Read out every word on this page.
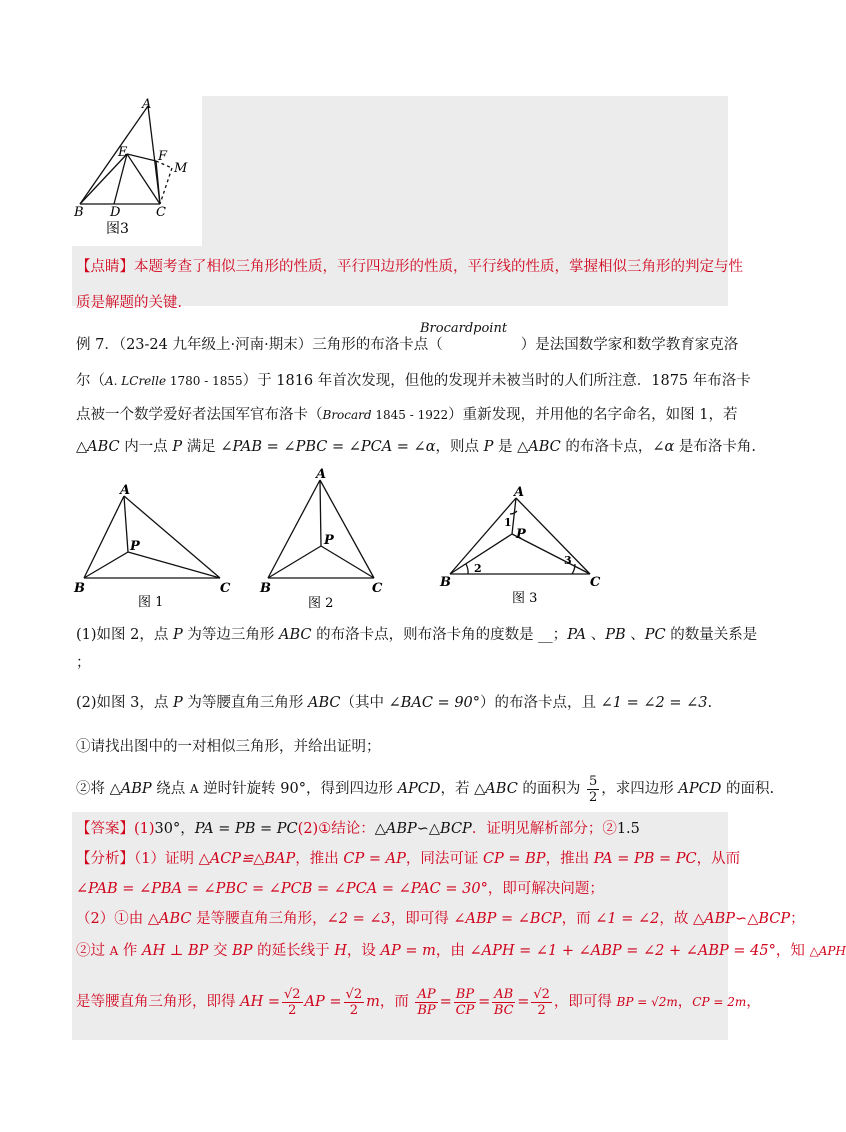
A
E F
M
B D	C
图3
【点睛】本题考查了相似三角形的性质，平行四边形的性质，平行线的性质，掌握相似三角形的判定与性
质是解题的关键．
Brocardpoint
例 7．（23-24 九年级上·河南·期末）三角形的布洛卡点（	）是法国数学家和数学教育家克洛
尔（A. LCrelle 1780 - 1855）于 1816 年首次发现，但他的发现并未被当时的人们所注意．1875 年布洛卡
点被一个数学爱好者法国军官布洛卡（Brocard 1845 - 1922）重新发现，并用他的名字命名，如图 1，若
△ABC 内一点 P 满足 ∠PAB = ∠PBC = ∠PCA = ∠α，则点 P 是 △ABC 的布洛卡点，∠α 是布洛卡角.
A
P
B	C
图 1
A
P
B	C
图 2
A
P
B	C
1
2
3
图 3
(1)如图 2，点 P 为等边三角形 ABC 的布洛卡点，则布洛卡角的度数是 __；PA 、PB 、PC 的数量关系是
；
(2)如图 3，点 P 为等腰直角三角形 ABC（其中 ∠BAC = 90°）的布洛卡点，且 ∠1 = ∠2 = ∠3.
①请找出图中的一对相似三角形，并给出证明；
②将 △ABP 绕点 A 逆时针旋转 90°，得到四边形 APCD，若 △ABC 的面积为 $\frac{5}{2}$ ，求四边形 APCD 的面积.
【答案】(1)30°，PA = PB = PC(2)①结论：△ABP∽△BCP．证明见解析部分；②1.5
【分析】（1）证明 △ACP≌△BAP，推出 CP = AP，同法可证 CP = BP，推出 PA = PB = PC，从而
∠PAB = ∠PBA = ∠PBC = ∠PCB = ∠PCA = ∠PAC = 30°，即可解决问题；
（2）①由 △ABC 是等腰直角三角形，∠2 = ∠3，即可得 ∠ABP = ∠BCP，而 ∠1 = ∠2，故 △ABP∽△BCP；
②过 A 作 AH ⊥ BP 交 BP 的延长线于 H，设 AP = m，由 ∠APH = ∠1 + ∠ABP = ∠2 + ∠ABP = 45°，知 △APH
是等腰直角三角形，即得 AH = $\frac{√2}{2}$ AP = $\frac{√2}{2}$ m，而 $\frac{AP}{BP} = \frac{BP}{CP} = \frac{AB}{BC} = \frac{√2}{2}$ ，即可得 BP = √2m，CP = 2m，
